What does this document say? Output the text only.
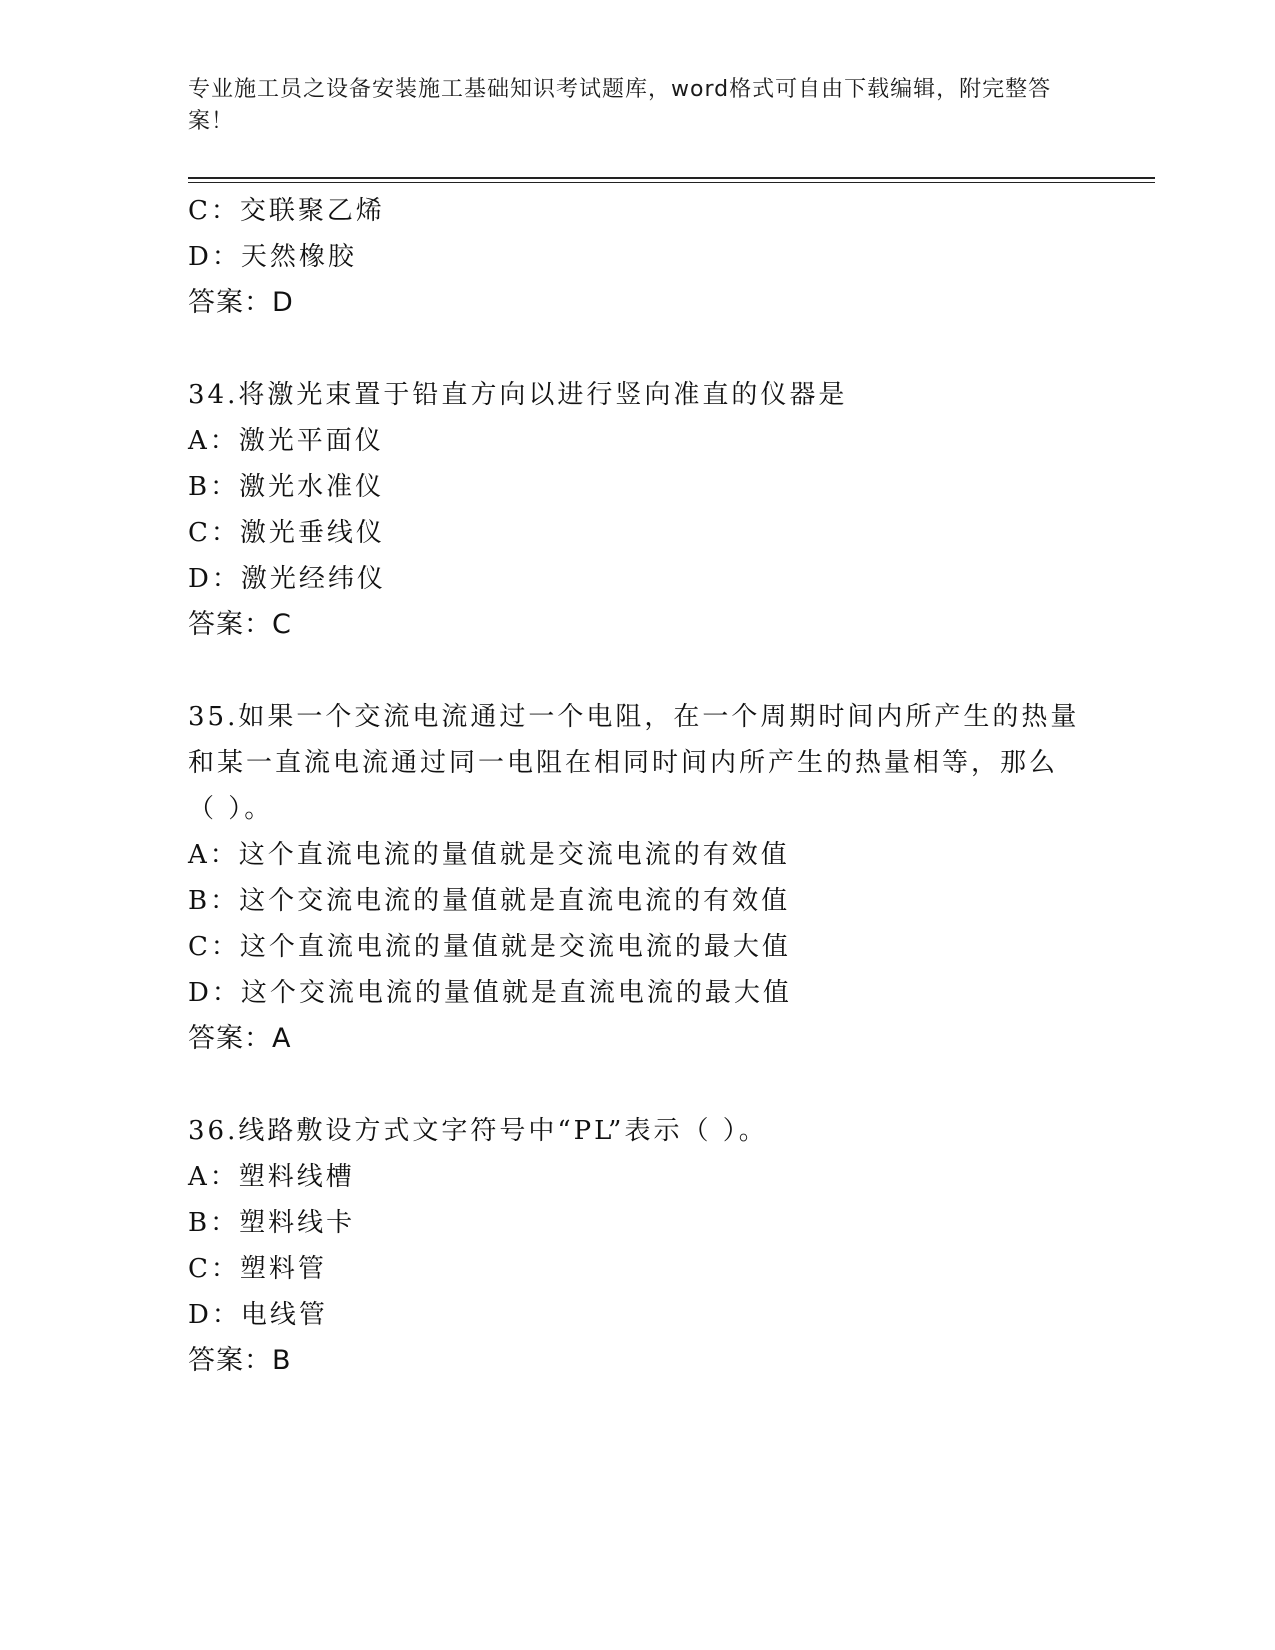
专业施工员之设备安装施工基础知识考试题库，word格式可自由下载编辑，附完整答案！

C：交联聚乙烯

D：天然橡胶

答案：D

34.将激光束置于铅直方向以进行竖向准直的仪器是

A：激光平面仪

B：激光水准仪

C：激光垂线仪

D：激光经纬仪

答案：C

35.如果一个交流电流通过一个电阻，在一个周期时间内所产生的热量
和某一直流电流通过同一电阻在相同时间内所产生的热量相等，那么
（ ）。

A：这个直流电流的量值就是交流电流的有效值

B：这个交流电流的量值就是直流电流的有效值

C：这个直流电流的量值就是交流电流的最大值

D：这个交流电流的量值就是直流电流的最大值

答案：A

36.线路敷设方式文字符号中“PL”表示（ ）。

A：塑料线槽

B：塑料线卡

C：塑料管

D：电线管

答案：B
